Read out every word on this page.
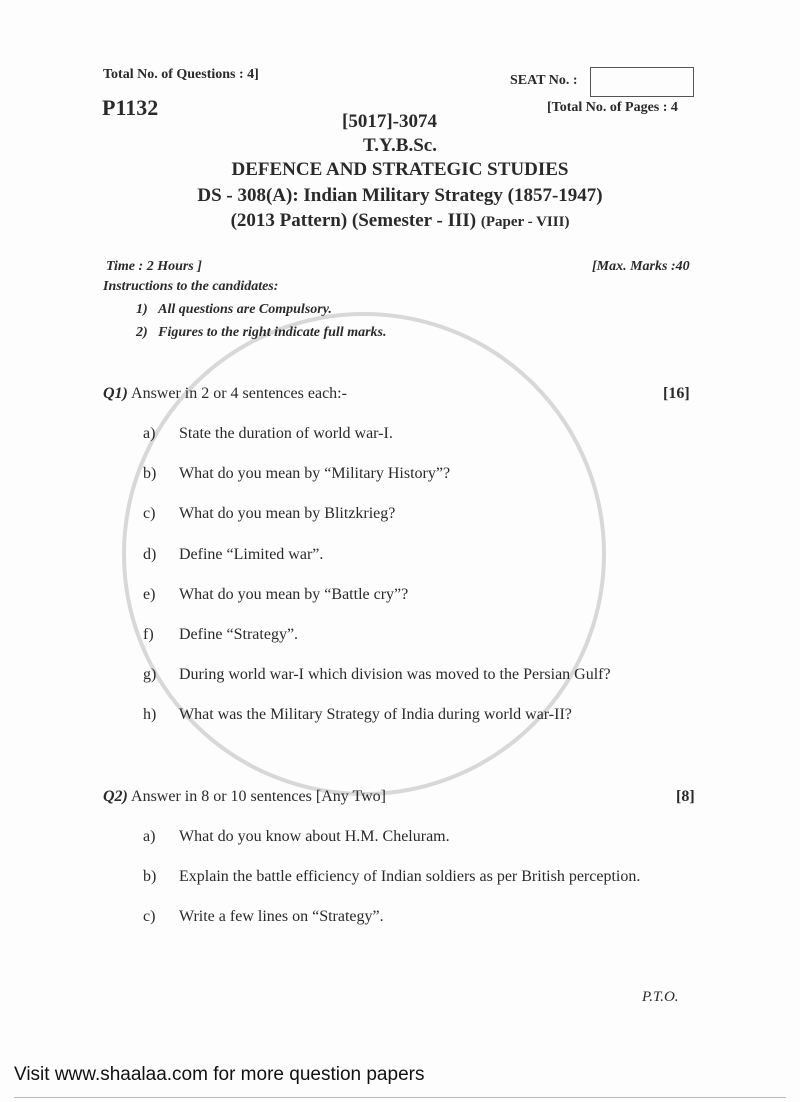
Total No. of Questions : 4]	SEAT No. :
P1132	[Total No. of Pages : 4
[5017]-3074
T.Y.B.Sc.
DEFENCE AND STRATEGIC STUDIES
DS - 308(A): Indian Military Strategy (1857-1947)
(2013 Pattern) (Semester - III) (Paper - VIII)
Time : 2 Hours ]	[Max. Marks :40
Instructions to the candidates:
1) All questions are Compulsory.
2) Figures to the right indicate full marks.
Q1) Answer in 2 or 4 sentences each:-	[16]
a) State the duration of world war-I.
b) What do you mean by “Military History”?
c) What do you mean by Blitzkrieg?
d) Define “Limited war”.
e) What do you mean by “Battle cry”?
f) Define “Strategy”.
g) During world war-I which division was moved to the Persian Gulf?
h) What was the Military Strategy of India during world war-II?
Q2) Answer in 8 or 10 sentences [Any Two]	[8]
a) What do you know about H.M. Cheluram.
b) Explain the battle efficiency of Indian soldiers as per British perception.
c) Write a few lines on “Strategy”.
P.T.O.
Visit www.shaalaa.com for more question papers
